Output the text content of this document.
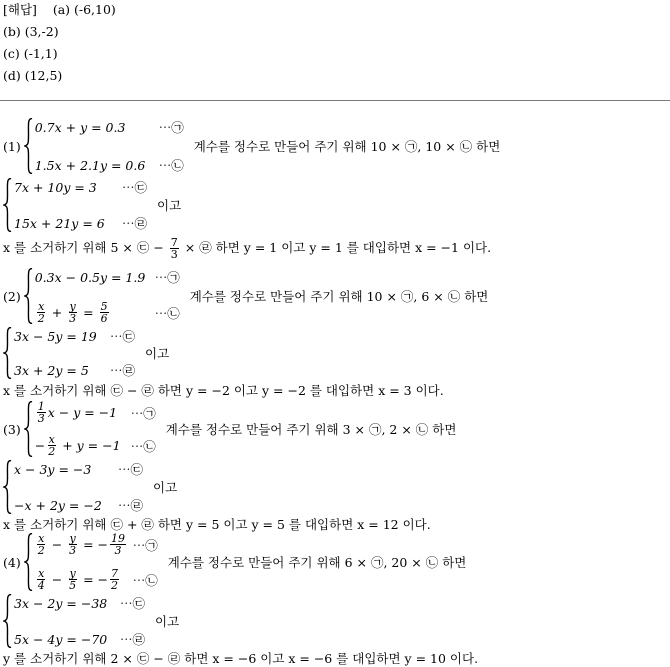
[해답] (a) (-6,10)
(b) (3,-2)
(c) (-1,1)
(d) (12,5)
(1)
0.7x + y = 0.3	⋯㉠
1.5x + 2.1y = 0.6	⋯㉡
계수를 정수로 만들어 주기 위해 10 × ㉠, 10 × ㉡ 하면
7x + 10y = 3	⋯㉢
15x + 21y = 6	⋯㉣
이고
x 를 소거하기 위해 5 × ㉢ − $\frac{7}{3}$ × ㉣ 하면 y = 1 이고 y = 1 를 대입하면 x = −1 이다.
(2)
0.3x − 0.5y = 1.9 ⋯㉠
$\frac{x}{2} + \frac{y}{3} = \frac{5}{6}$	⋯㉡
계수를 정수로 만들어 주기 위해 10 × ㉠, 6 × ㉡ 하면
3x − 5y = 19	⋯㉢
3x + 2y = 5	⋯㉣
이고
x 를 소거하기 위해 ㉢ − ㉣ 하면 y = −2 이고 y = −2 를 대입하면 x = 3 이다.
(3)
$\frac{1}{3}$ x − y = −1 ⋯㉠
− $\frac{x}{2}$
+ y = −1 ⋯㉡
계수를 정수로 만들어 주기 위해 3 × ㉠, 2 × ㉡ 하면
x − 3y = −3	⋯㉢
−x + 2y = −2	⋯㉣
이고
x 를 소거하기 위해 ㉢ + ㉣ 하면 y = 5 이고 y = 5 를 대입하면 x = 12 이다.
(4)
$\frac{x}{2} - \frac{y}{3}$ = − $\frac{19}{3}$ ⋯㉠
$\frac{x}{4} - \frac{y}{5}$ = − $\frac{7}{2}$ ⋯㉡
계수를 정수로 만들어 주기 위해 6 × ㉠, 20 × ㉡ 하면
3x − 2y = −38	⋯㉢
5x − 4y = −70	⋯㉣
이고
y 를 소거하기 위해 2 × ㉢ − ㉣ 하면 x = −6 이고 x = −6 를 대입하면 y = 10 이다.
